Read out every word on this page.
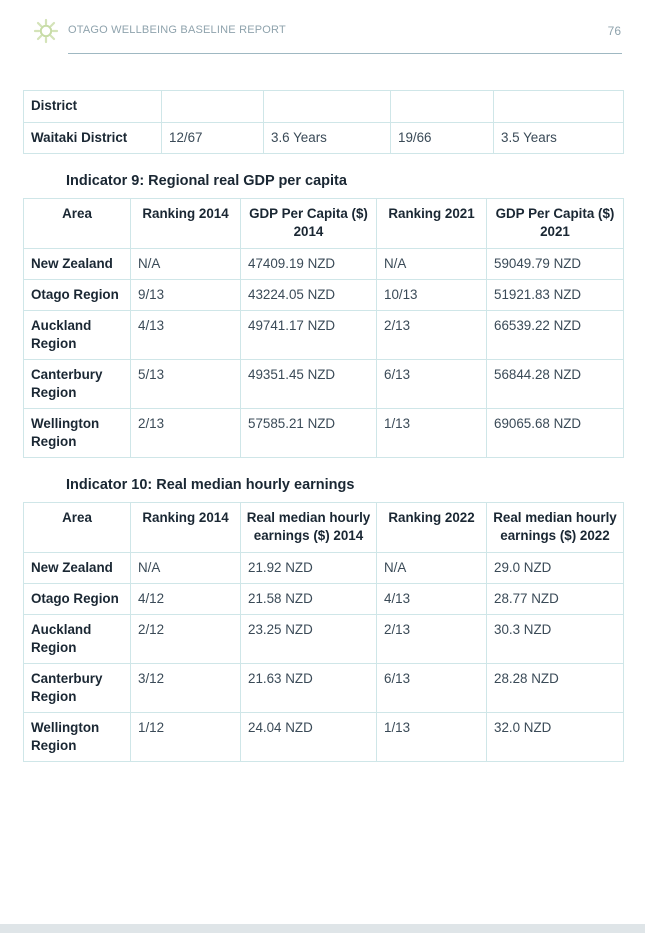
OTAGO WELLBEING BASELINE REPORT	76
District				
Waitaki District	12/67	3.6 Years	19/66	3.5 Years
Indicator 9: Regional real GDP per capita
Area	Ranking 2014	GDP Per Capita ($) 2014	Ranking 2021	GDP Per Capita ($) 2021
New Zealand	N/A	47409.19 NZD	N/A	59049.79 NZD
Otago Region	9/13	43224.05 NZD	10/13	51921.83 NZD
Auckland Region	4/13	49741.17 NZD	2/13	66539.22 NZD
Canterbury Region	5/13	49351.45 NZD	6/13	56844.28 NZD
Wellington Region	2/13	57585.21 NZD	1/13	69065.68 NZD
Indicator 10: Real median hourly earnings
Area	Ranking 2014	Real median hourly earnings ($) 2014	Ranking 2022	Real median hourly earnings ($) 2022
New Zealand	N/A	21.92 NZD	N/A	29.0 NZD
Otago Region	4/12	21.58 NZD	4/13	28.77 NZD
Auckland Region	2/12	23.25 NZD	2/13	30.3 NZD
Canterbury Region	3/12	21.63 NZD	6/13	28.28 NZD
Wellington Region	1/12	24.04 NZD	1/13	32.0 NZD
